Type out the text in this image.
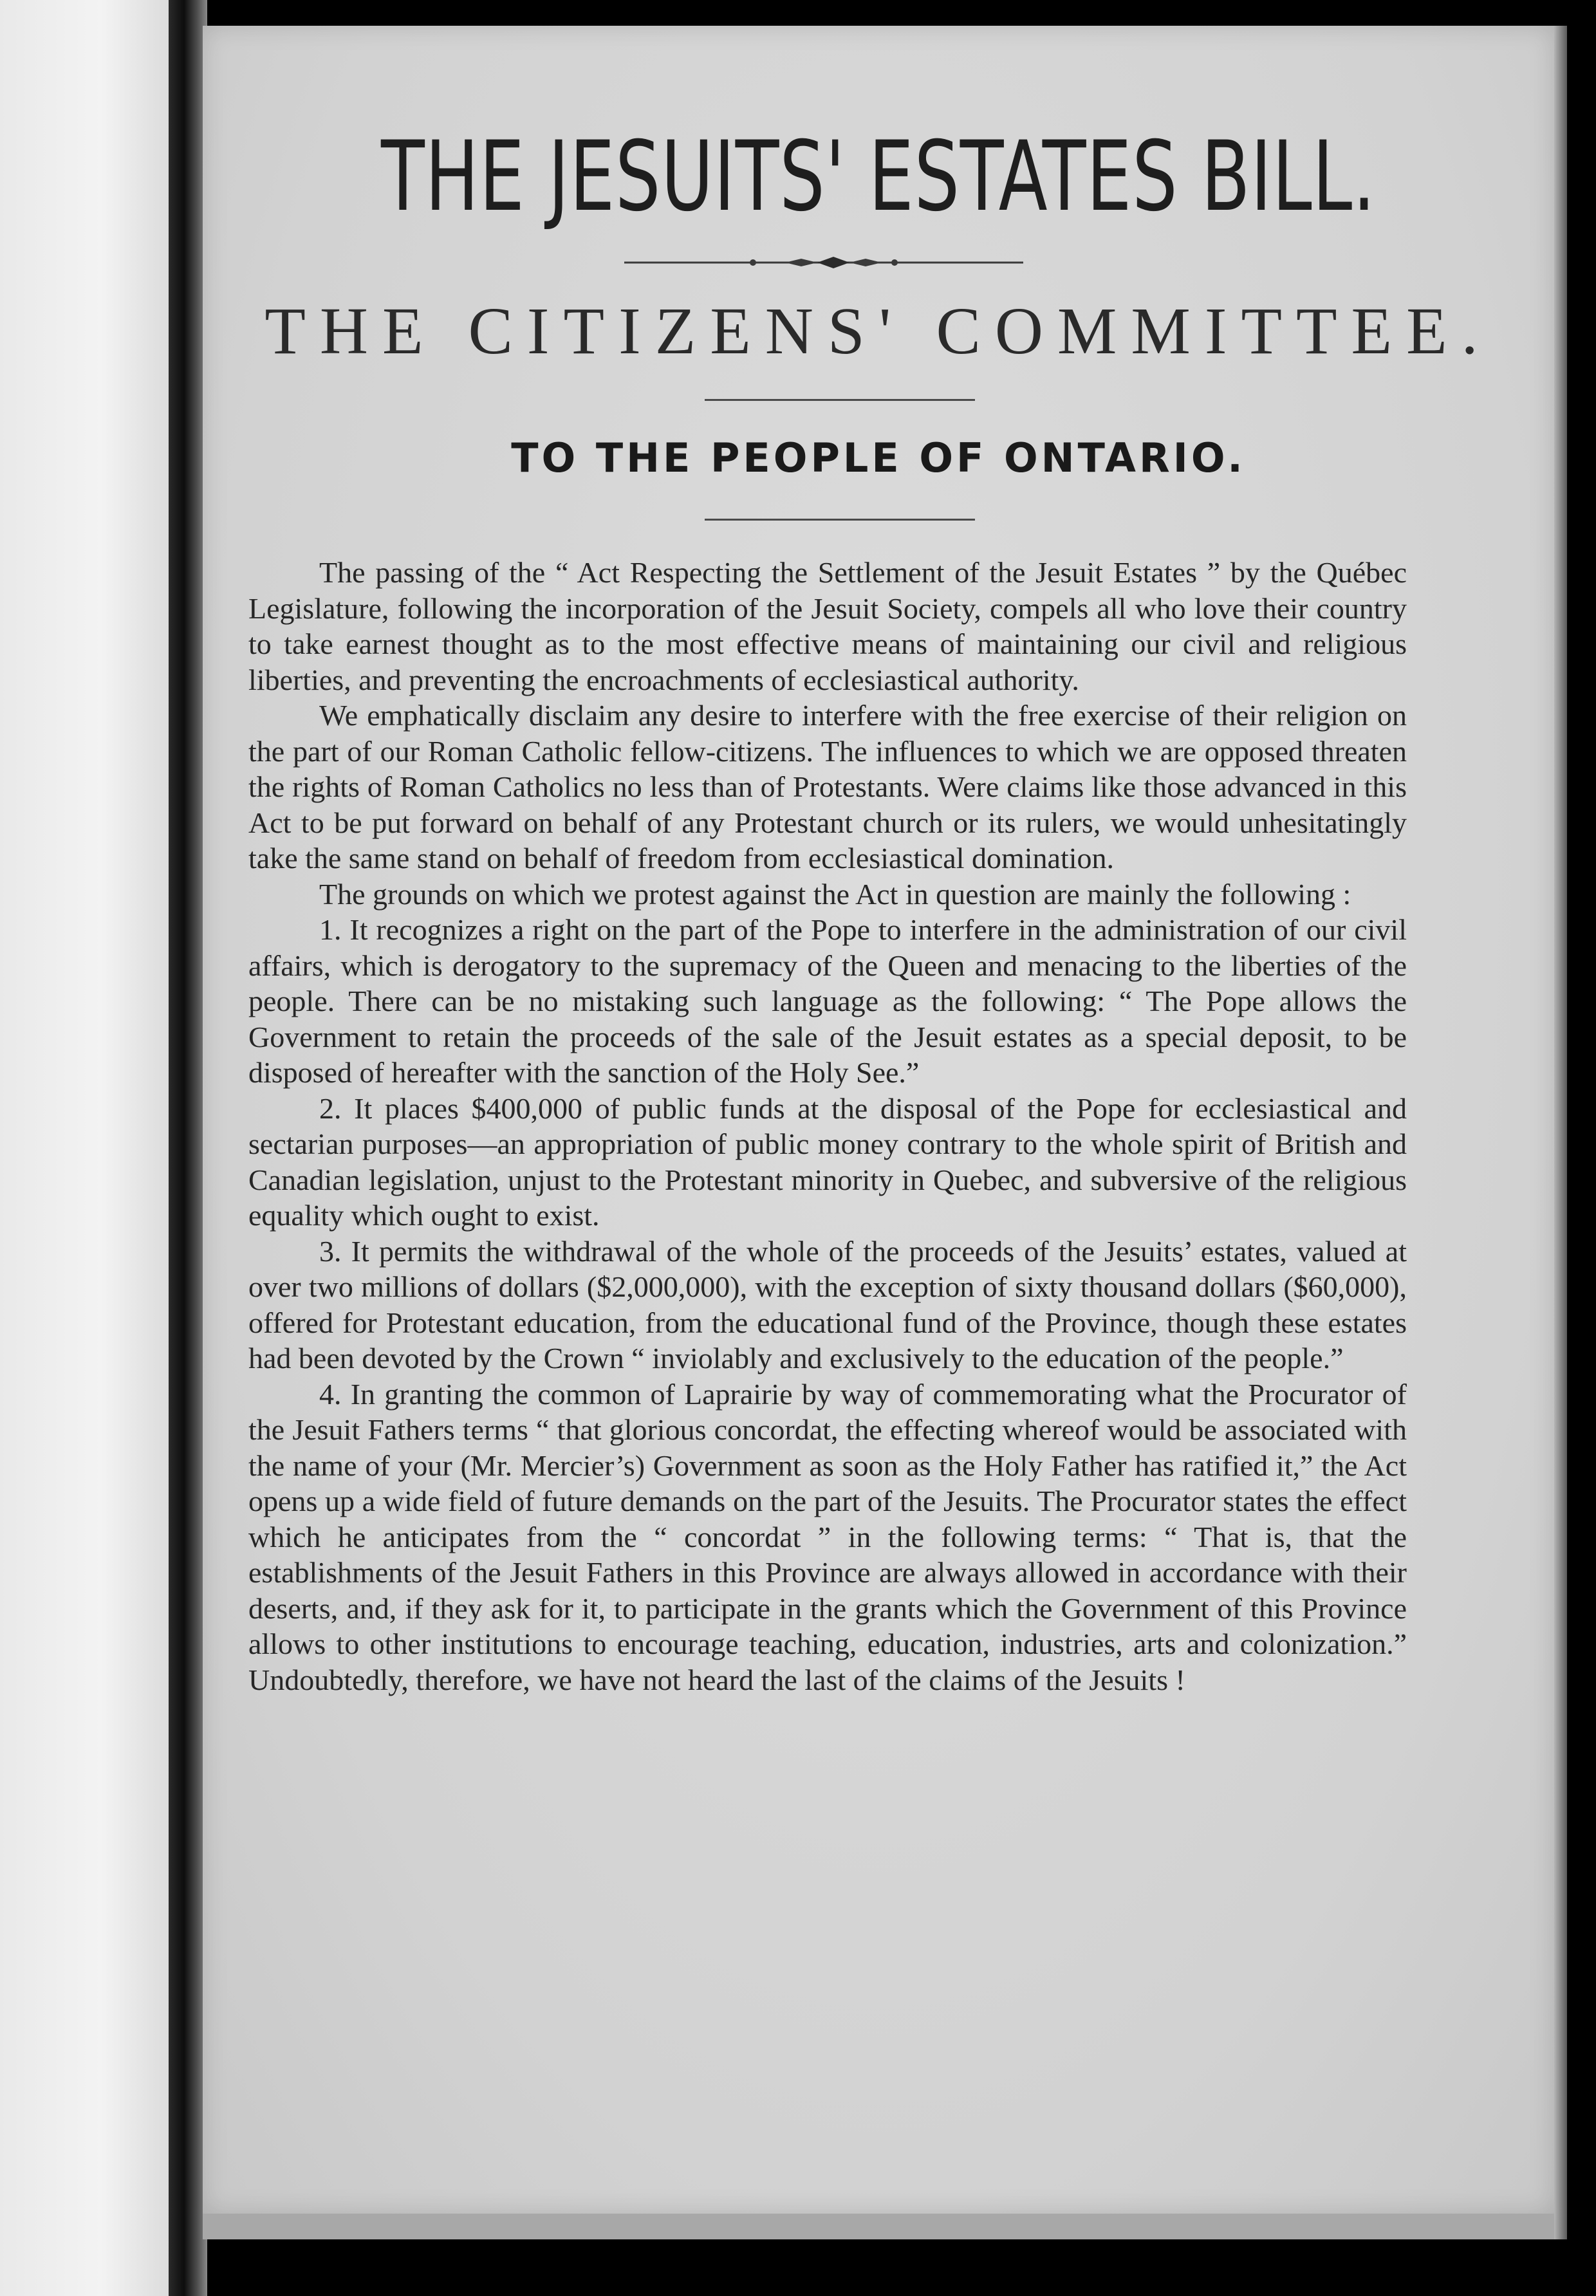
THE JESUITS' ESTATES BILL.
THE CITIZENS' COMMITTEE.
TO THE PEOPLE OF ONTARIO.

The passing of the “ Act Respecting the Settlement of the Jesuit Estates ” by the Québec Legislature, following the incorporation of the Jesuit Society, compels all who love their country to take earnest thought as to the most effective means of maintaining our civil and religious liberties, and preventing the encroachments of ecclesiastical authority.

We emphatically disclaim any desire to interfere with the free exercise of their religion on the part of our Roman Catholic fellow-citizens. The influences to which we are opposed threaten the rights of Roman Catholics no less than of Protestants. Were claims like those advanced in this Act to be put forward on behalf of any Protestant church or its rulers, we would unhesitatingly take the same stand on behalf of freedom from ecclesiastical domination.

The grounds on which we protest against the Act in question are mainly the following :

1. It recognizes a right on the part of the Pope to interfere in the administration of our civil affairs, which is derogatory to the supremacy of the Queen and menacing to the liberties of the people. There can be no mistaking such language as the following: “ The Pope allows the Government to retain the proceeds of the sale of the Jesuit estates as a special deposit, to be disposed of hereafter with the sanction of the Holy See.”

2. It places $400,000 of public funds at the disposal of the Pope for ecclesiastical and sectarian purposes—an appropriation of public money contrary to the whole spirit of British and Canadian legislation, unjust to the Protestant minority in Quebec, and subversive of the religious equality which ought to exist.

3. It permits the withdrawal of the whole of the proceeds of the Jesuits’ estates, valued at over two millions of dollars ($2,000,000), with the exception of sixty thousand dollars ($60,000), offered for Protestant education, from the educational fund of the Province, though these estates had been devoted by the Crown “ inviolably and exclusively to the education of the people.”

4. In granting the common of Laprairie by way of commemorating what the Procurator of the Jesuit Fathers terms “ that glorious concordat, the effecting whereof would be associated with the name of your (Mr. Mercier’s) Government as soon as the Holy Father has ratified it,” the Act opens up a wide field of future demands on the part of the Jesuits. The Procurator states the effect which he anticipates from the “ concordat ” in the following terms: “ That is, that the establishments of the Jesuit Fathers in this Province are always allowed in accordance with their deserts, and, if they ask for it, to participate in the grants which the Government of this Province allows to other institutions to encourage teaching, education, industries, arts and colonization.” Undoubtedly, therefore, we have not heard the last of the claims of the Jesuits !
